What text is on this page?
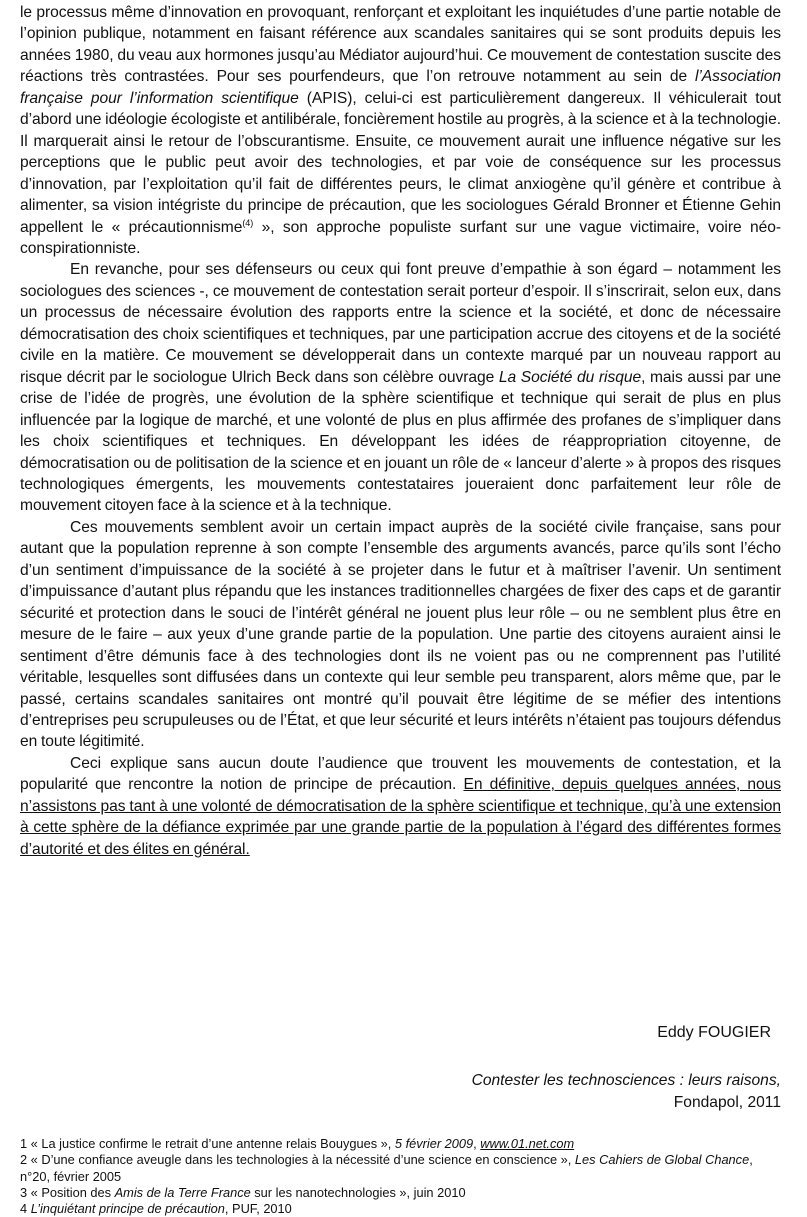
le processus même d’innovation en provoquant, renforçant et exploitant les inquiétudes d’une partie notable de l’opinion publique, notamment en faisant référence aux scandales sanitaires qui se sont produits depuis les années 1980, du veau aux hormones jusqu’au Médiator aujourd’hui. Ce mouvement de contestation suscite des réactions très contrastées. Pour ses pourfendeurs, que l’on retrouve notamment au sein de l’Association française pour l’information scientifique (APIS), celui-ci est particulièrement dangereux. Il véhiculerait tout d’abord une idéologie écologiste et antilibérale, foncièrement hostile au progrès, à la science et à la technologie. Il marquerait ainsi le retour de l’obscurantisme. Ensuite, ce mouvement aurait une influence négative sur les perceptions que le public peut avoir des technologies, et par voie de conséquence sur les processus d’innovation, par l’exploitation qu’il fait de différentes peurs, le climat anxiogène qu’il génère et contribue à alimenter, sa vision intégriste du principe de précaution, que les sociologues Gérald Bronner et Étienne Gehin appellent le « précautionnisme$^{(4)}$ », son approche populiste surfant sur une vague victimaire, voire néo-conspirationniste.

En revanche, pour ses défenseurs ou ceux qui font preuve d’empathie à son égard – notamment les sociologues des sciences -, ce mouvement de contestation serait porteur d’espoir. Il s’inscrirait, selon eux, dans un processus de nécessaire évolution des rapports entre la science et la société, et donc de nécessaire démocratisation des choix scientifiques et techniques, par une participation accrue des citoyens et de la société civile en la matière. Ce mouvement se développerait dans un contexte marqué par un nouveau rapport au risque décrit par le sociologue Ulrich Beck dans son célèbre ouvrage La Société du risque, mais aussi par une crise de l’idée de progrès, une évolution de la sphère scientifique et technique qui serait de plus en plus influencée par la logique de marché, et une volonté de plus en plus affirmée des profanes de s’impliquer dans les choix scientifiques et techniques. En développant les idées de réappropriation citoyenne, de démocratisation ou de politisation de la science et en jouant un rôle de « lanceur d’alerte » à propos des risques technologiques émergents, les mouvements contestataires joueraient donc parfaitement leur rôle de mouvement citoyen face à la science et à la technique.

Ces mouvements semblent avoir un certain impact auprès de la société civile française, sans pour autant que la population reprenne à son compte l’ensemble des arguments avancés, parce qu’ils sont l’écho d’un sentiment d’impuissance de la société à se projeter dans le futur et à maîtriser l’avenir. Un sentiment d’impuissance d’autant plus répandu que les instances traditionnelles chargées de fixer des caps et de garantir sécurité et protection dans le souci de l’intérêt général ne jouent plus leur rôle – ou ne semblent plus être en mesure de le faire – aux yeux d’une grande partie de la population. Une partie des citoyens auraient ainsi le sentiment d’être démunis face à des technologies dont ils ne voient pas ou ne comprennent pas l’utilité véritable, lesquelles sont diffusées dans un contexte qui leur semble peu transparent, alors même que, par le passé, certains scandales sanitaires ont montré qu’il pouvait être légitime de se méfier des intentions d’entreprises peu scrupuleuses ou de l’État, et que leur sécurité et leurs intérêts n’étaient pas toujours défendus en toute légitimité.

Ceci explique sans aucun doute l’audience que trouvent les mouvements de contestation, et la popularité que rencontre la notion de principe de précaution. En définitive, depuis quelques années, nous n’assistons pas tant à une volonté de démocratisation de la sphère scientifique et technique, qu’à une extension à cette sphère de la défiance exprimée par une grande partie de la population à l’égard des différentes formes d’autorité et des élites en général.

Eddy FOUGIER
Contester les technosciences : leurs raisons,
Fondapol, 2011
1 « La justice confirme le retrait d’une antenne relais Bouygues », 5 février 2009, www.01.net.com
2 « D’une confiance aveugle dans les technologies à la nécessité d’une science en conscience », Les Cahiers de Global Chance, n°20, février 2005
3 « Position des Amis de la Terre France sur les nanotechnologies », juin 2010
4 L’inquiétant principe de précaution, PUF, 2010
